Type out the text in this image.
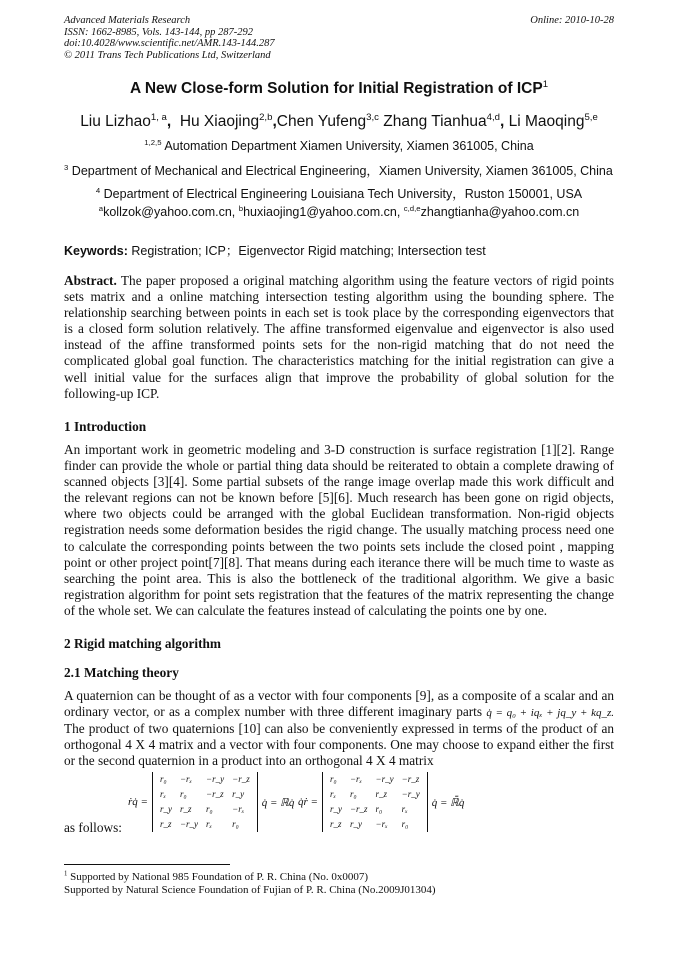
Advanced Materials Research
ISSN: 1662-8985, Vols. 143-144, pp 287-292
doi:10.4028/www.scientific.net/AMR.143-144.287
© 2011 Trans Tech Publications Ltd, Switzerland
Online: 2010-10-28
A New Close-form Solution for Initial Registration of ICP$^1$
Liu Lizhao$^{1, a}$, Hu Xiaojing$^{2,b}$,Chen Yufeng$^{3,c}$ Zhang Tianhua$^{4,d}$, Li Maoqing$^{5,e}$
$^{1,2,5}$ Automation Department Xiamen University, Xiamen 361005, China
$^3$ Department of Mechanical and Electrical Engineering，Xiamen University, Xiamen 361005, China
$^4$ Department of Electrical Engineering Louisiana Tech University，Ruston 150001, USA
$^a$kollzok@yahoo.com.cn, $^b$huxiaojing1@yahoo.com.cn, $^{c,d,e}$zhangtianha@yahoo.com.cn
Keywords: Registration; ICP；Eigenvector Rigid matching; Intersection test
Abstract. The paper proposed a original matching algorithm using the feature vectors of rigid points sets matrix and a online matching intersection testing algorithm using the bounding sphere. The relationship searching between points in each set is took place by the corresponding eigenvectors that is a closed form solution relatively. The affine transformed eigenvalue and eigenvector is also used instead of the affine transformed points sets for the non-rigid matching that do not need the complicated global goal function. The characteristics matching for the initial registration can give a well initial value for the surfaces align that improve the probability of global solution for the following-up ICP.
1 Introduction
An important work in geometric modeling and 3-D construction is surface registration [1][2]. Range finder can provide the whole or partial thing data should be reiterated to obtain a complete drawing of scanned objects [3][4]. Some partial subsets of the range image overlap made this work difficult and the relevant regions can not be known before [5][6]. Much research has been gone on rigid objects, where two objects could be arranged with the global Euclidean transformation. Non-rigid objects registration needs some deformation besides the rigid change. The usually matching process need one to calculate the corresponding points between the two points sets include the closed point , mapping point or other project point[7][8]. That means during each iterance there will be much time to waste as searching the point area. This is also the bottleneck of the traditional algorithm. We give a basic registration algorithm for point sets registration that the features of the matrix representing the change of the whole set. We can calculate the features instead of calculating the points one by one.
2 Rigid matching algorithm
2.1 Matching theory
A quaternion can be thought of as a vector with four components [9], as a composite of a scalar and an ordinary vector, or as a complex number with three different imaginary parts q̇ = q₀ + iqₓ + jq_y + kq_z. The product of two quaternions [10] can also be conveniently expressed in terms of the product of an orthogonal 4 X 4 matrix and a vector with four components. One may choose to expand either the first or the second quaternion in a product into an orthogonal 4 X 4 matrix
ṙq̇ =
r₀	−rₓ	−r_y	−r_z
rₓ	r₀	−r_z	r_y
r_y	r_z	r₀	−rₓ
r_z	−r_y	rₓ	r₀
q̇ = ℝq̇ q̇ṙ =
r₀	−rₓ	−r_y	−r_z
rₓ	r₀	r_z	−r_y
r_y	−r_z	r₀	rₓ
r_z	r_y	−rₓ	r₀
q̇ = ℝ̄q̇
as follows:
$^1$ Supported by National 985 Foundation of P. R. China (No. 0x0007)
Supported by Natural Science Foundation of Fujian of P. R. China (No.2009J01304)
